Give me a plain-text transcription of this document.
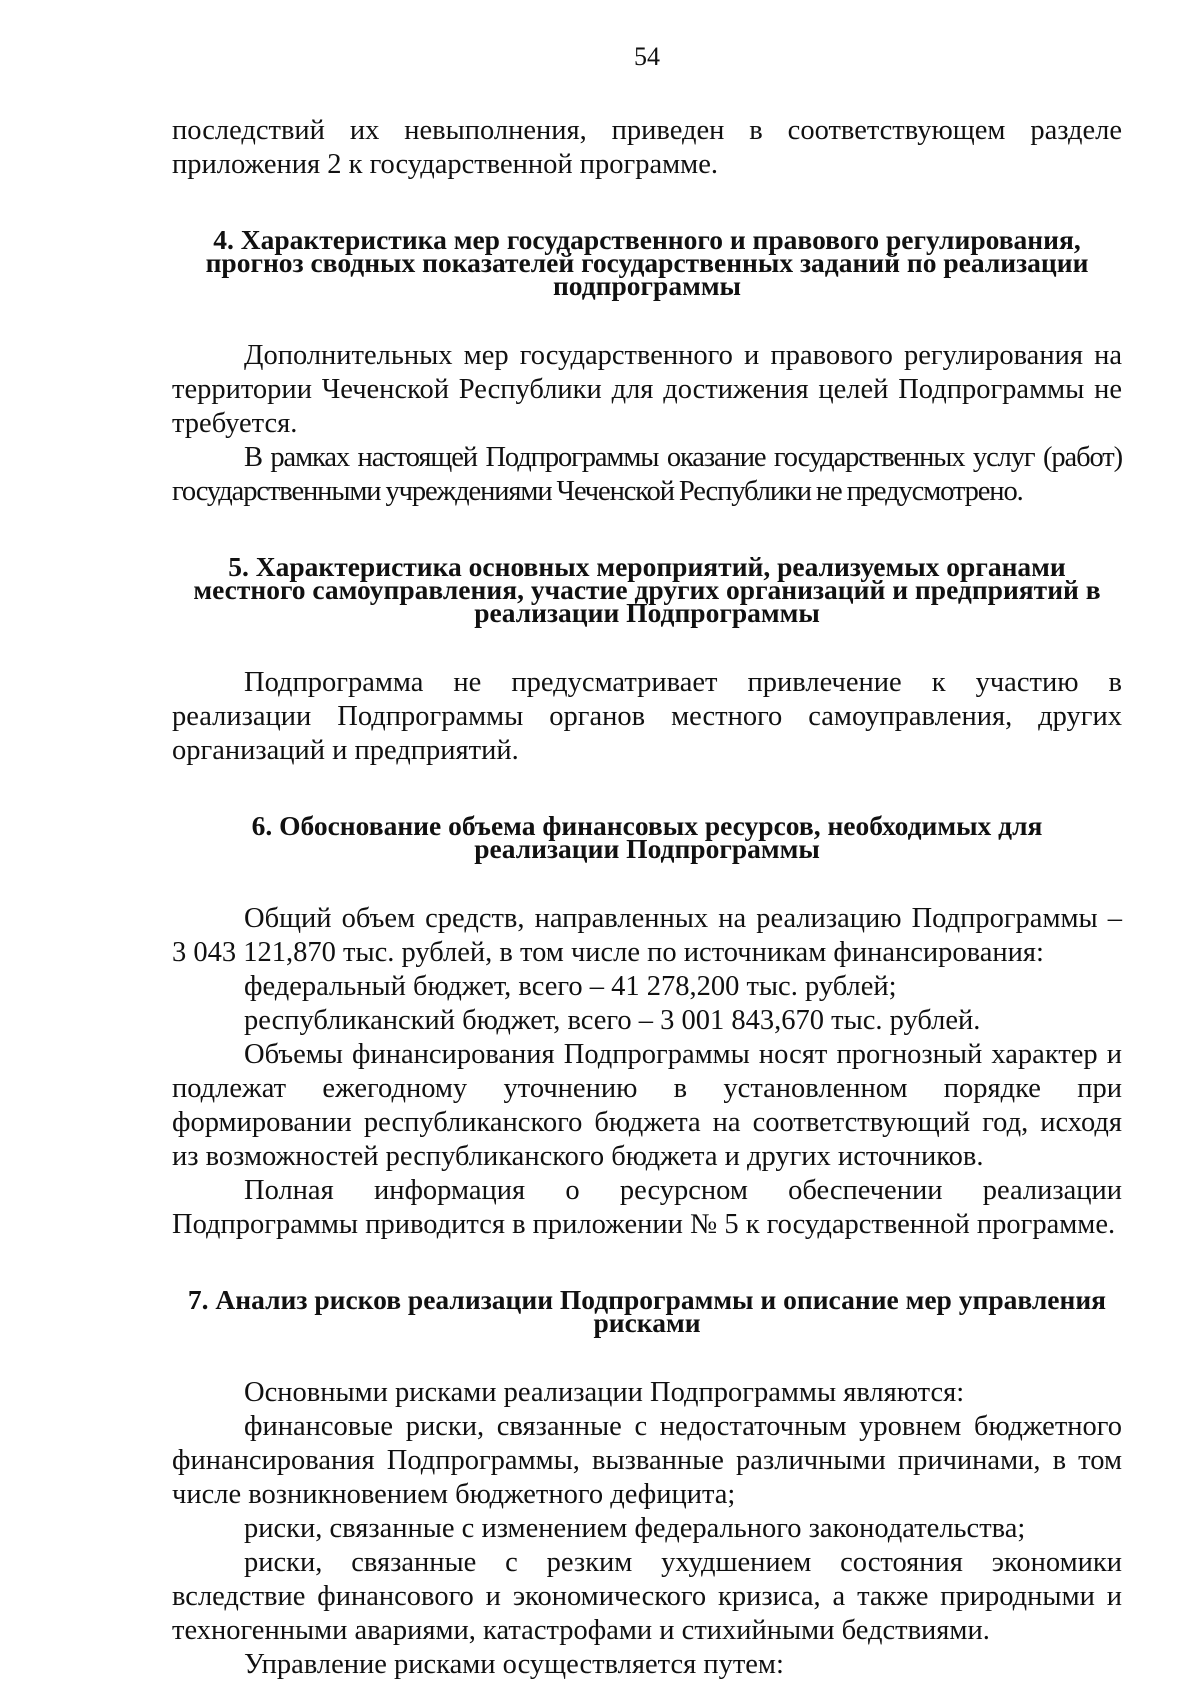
54

последствий их невыполнения, приведен в соответствующем разделе приложения 2 к государственной программе.

4. Характеристика мер государственного и правового регулирования, прогноз сводных показателей государственных заданий по реализации подпрограммы

Дополнительных мер государственного и правового регулирования на территории Чеченской Республики для достижения целей Подпрограммы не требуется.

В рамках настоящей Подпрограммы оказание государственных услуг (работ) государственными учреждениями Чеченской Республики не предусмотрено.

5. Характеристика основных мероприятий, реализуемых органами местного самоуправления, участие других организаций и предприятий в реализации Подпрограммы

Подпрограмма не предусматривает привлечение к участию в реализации Подпрограммы органов местного самоуправления, других организаций и предприятий.

6. Обоснование объема финансовых ресурсов, необходимых для реализации Подпрограммы

Общий объем средств, направленных на реализацию Подпрограммы – 3 043 121,870 тыс. рублей, в том числе по источникам финансирования:

федеральный бюджет, всего – 41 278,200 тыс. рублей;

республиканский бюджет, всего – 3 001 843,670 тыс. рублей.

Объемы финансирования Подпрограммы носят прогнозный характер и подлежат ежегодному уточнению в установленном порядке при формировании республиканского бюджета на соответствующий год, исходя из возможностей республиканского бюджета и других источников.

Полная информация о ресурсном обеспечении реализации Подпрограммы приводится в приложении № 5 к государственной программе.

7. Анализ рисков реализации Подпрограммы и описание мер управления рисками

Основными рисками реализации Подпрограммы являются:

финансовые риски, связанные с недостаточным уровнем бюджетного финансирования Подпрограммы, вызванные различными причинами, в том числе возникновением бюджетного дефицита;

риски, связанные с изменением федерального законодательства;

риски, связанные с резким ухудшением состояния экономики вследствие финансового и экономического кризиса, а также природными и техногенными авариями, катастрофами и стихийными бедствиями.

Управление рисками осуществляется путем:
